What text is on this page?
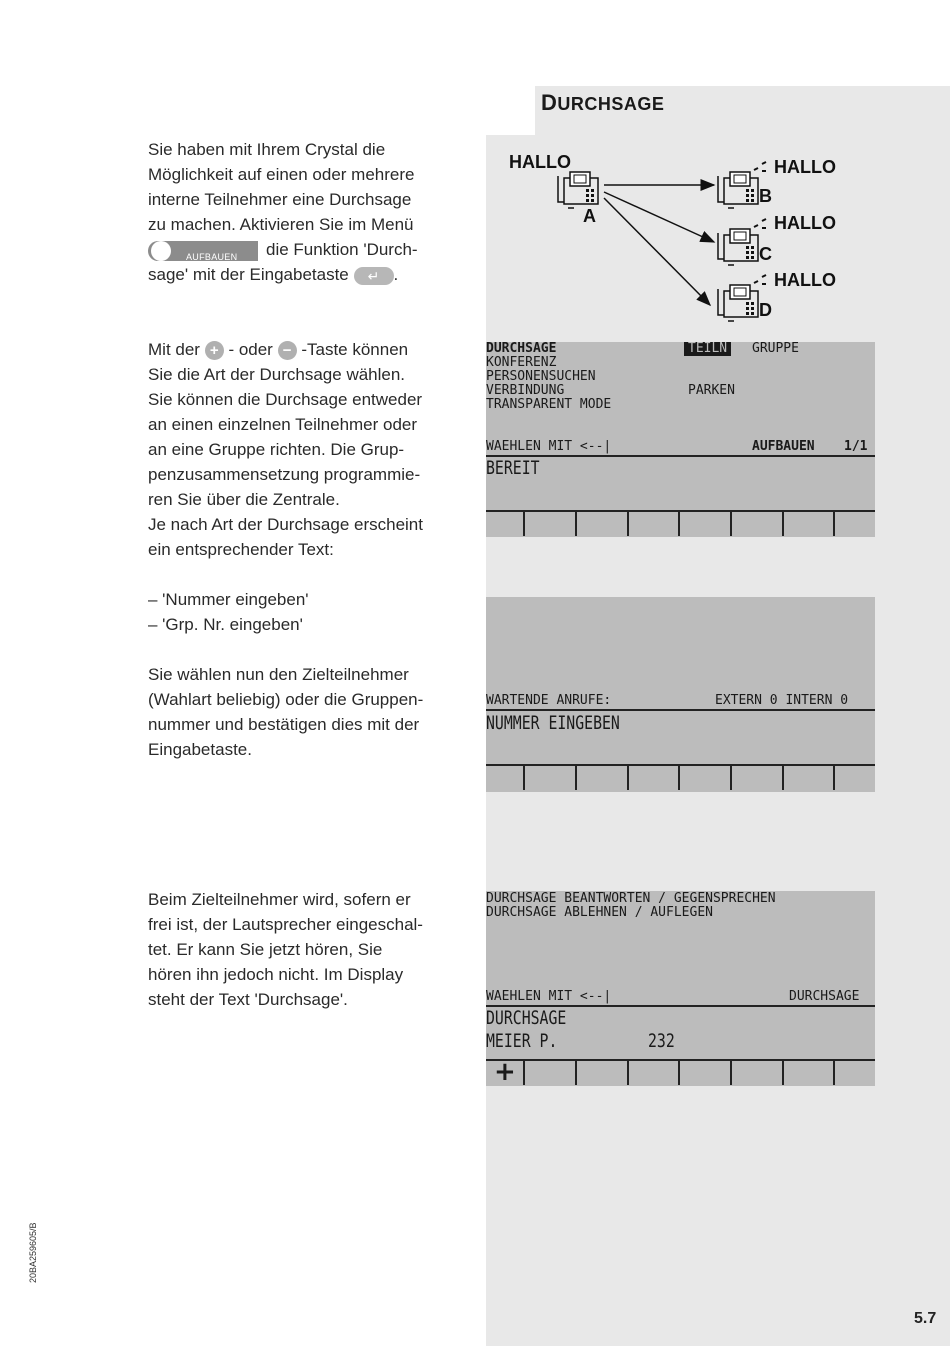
DURCHSAGE

Sie haben mit Ihrem Crystal die

Möglichkeit auf einen oder mehrere

interne Teilnehmer eine Durchsage

zu machen. Aktivieren Sie im Menü

AUFBAUEN die Funktion 'Durch-

sage' mit der Eingabetaste ↵ .

Mit der + - oder − -Taste können

Sie die Art der Durchsage wählen.

Sie können die Durchsage entweder

an einen einzelnen Teilnehmer oder

an eine Gruppe richten. Die Grup-

penzusammensetzung programmie-

ren Sie über die Zentrale.

Je nach Art der Durchsage erscheint

ein entsprechender Text:

– 'Nummer eingeben'

– 'Grp. Nr. eingeben'

Sie wählen nun den Zielteilnehmer

(Wahlart beliebig) oder die Gruppen-

nummer und bestätigen dies mit der

Eingabetaste.

Beim Zielteilnehmer wird, sofern er

frei ist, der Lautsprecher eingeschal-

tet. Er kann Sie jetzt hören, Sie

hören ihn jedoch nicht. Im Display

steht der Text 'Durchsage'.

HALLO
A
HALLO
B
HALLO
C
HALLO
D
DURCHSAGE
KONFERENZ
PERSONENSUCHEN
VERBINDUNG
TRANSPARENT MODE
TEILN	GRUPPE
PARKEN
WAEHLEN MIT <--|	AUFBAUEN 1/1
BEREIT
WARTENDE ANRUFE:	EXTERN 0 INTERN 0
NUMMER EINGEBEN
DURCHSAGE BEANTWORTEN / GEGENSPRECHEN
DURCHSAGE ABLEHNEN / AUFLEGEN
WAEHLEN MIT <--|	DURCHSAGE
DURCHSAGE
MEIER P.	232
+
20BA259605/B
5.7
